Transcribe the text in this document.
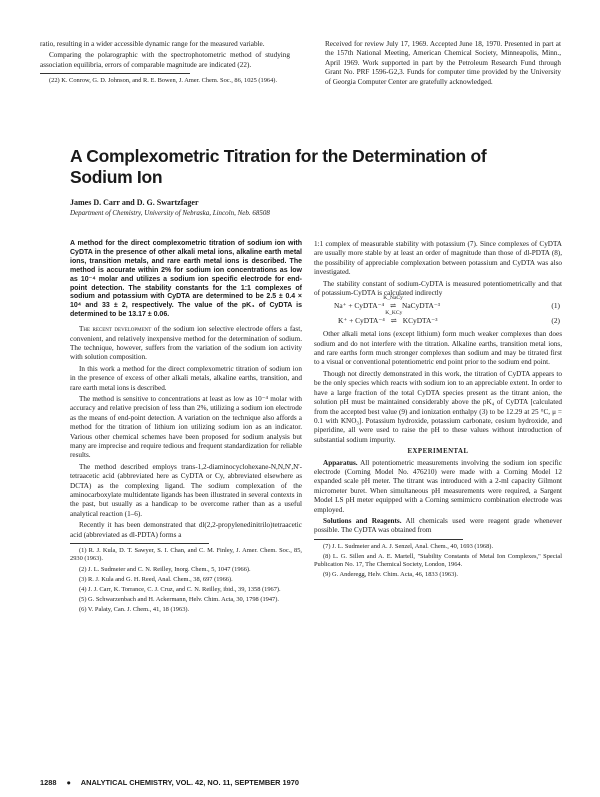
ratio, resulting in a wider accessible dynamic range for the measured variable.

Comparing the polarographic with the spectrophotometric method of studying association equilibria, errors of comparable magnitude are indicated (22).

(22) K. Conrow, G. D. Johnson, and R. E. Bowen, J. Amer. Chem. Soc., 86, 1025 (1964).

Received for review July 17, 1969. Accepted June 18, 1970. Presented in part at the 157th National Meeting, American Chemical Society, Minneapolis, Minn., April 1969. Work supported in part by the Petroleum Research Fund through Grant No. PRF 1596-G2,3. Funds for computer time provided by the University of Georgia Computer Center are gratefully acknowledged.

A Complexometric Titration for the Determination of Sodium Ion
James D. Carr and D. G. Swartzfager
Department of Chemistry, University of Nebraska, Lincoln, Neb. 68508

A method for the direct complexometric titration of sodium ion with CyDTA in the presence of other alkali metal ions, alkaline earth metal ions, transition metals, and rare earth metal ions is described. The method is accurate within 2% for sodium ion concentrations as low as 10⁻⁴ molar and utilizes a sodium ion specific electrode for end-point detection. The stability constants for the 1:1 complexes of sodium and potassium with CyDTA are determined to be 2.5 ± 0.4 × 10⁴ and 33 ± 2, respectively. The value of the pK₄ of CyDTA is determined to be 13.17 ± 0.06.

The recent development of the sodium ion selective electrode offers a fast, convenient, and relatively inexpensive method for the determination of sodium. The technique, however, suffers from the variation of the sodium ion activity with solution composition.

In this work a method for the direct complexometric titration of sodium ion in the presence of excess of other alkali metals, alkaline earths, transition, and rare earth metal ions is described.

The method is sensitive to concentrations at least as low as 10⁻⁴ molar with accuracy and relative precision of less than 2%, utilizing a sodium ion electrode as the means of end-point detection. A variation on the technique also affords a method for the titration of lithium ion utilizing sodium ion as an indicator. Various other chemical schemes have been proposed for sodium analysis but many are imprecise and require tedious and frequent standardization for reliable results.

The method described employs trans-1,2-diaminocyclohexane-N,N,N',N'-tetraacetic acid (abbreviated here as CyDTA or Cy, abbreviated elsewhere as DCTA) as the complexing ligand. The sodium complexation of the aminocarboxylate multidentate ligands has been illustrated in several contexts in the past, but usually as a handicap to be overcome rather than as a useful analytical reaction (1–6).

Recently it has been demonstrated that dl(2,2-propylenedinitrilo)tetraacetic acid (abbreviated as dl-PDTA) forms a

(1) R. J. Kula, D. T. Sawyer, S. I. Chan, and C. M. Finley, J. Amer. Chem. Soc., 85, 2930 (1963).

(2) J. L. Sudmeier and C. N. Reilley, Inorg. Chem., 5, 1047 (1966).

(3) R. J. Kula and G. H. Reed, Anal. Chem., 38, 697 (1966).

(4) J. J. Carr, K. Torrance, C. J. Cruz, and C. N. Reilley, ibid., 39, 1358 (1967).

(5) G. Schwarzenbach and H. Ackermann, Helv. Chim. Acta, 30, 1798 (1947).

(6) V. Palaty, Can. J. Chem., 41, 18 (1963).

1:1 complex of measurable stability with potassium (7). Since complexes of CyDTA are usually more stable by at least an order of magnitude than those of dl-PDTA (8), the possibility of appreciable complexation between potassium and CyDTA was also investigated.

The stability constant of sodium-CyDTA is measured potentiometrically and that of potassium-CyDTA is calculated indirectly

Na⁺ + CyDTA⁻⁴ ⇌
K_NaCy
NaCyDTA⁻³	(1)
K⁺ + CyDTA⁻⁴ ⇌
K_KCy
KCyDTA⁻³	(2)

Other alkali metal ions (except lithium) form much weaker complexes than does sodium and do not interfere with the titration. Alkaline earths, transition metal ions, and rare earths form much stronger complexes than sodium and may be titrated first to a visual or conventional potentiometric end point prior to the sodium end point.

Though not directly demonstrated in this work, the titration of CyDTA appears to be the only species which reacts with sodium ion to an appreciable extent. In order to have a large fraction of the total CyDTA species present as the titrant anion, the solution pH must be maintained considerably above the pK₄ of CyDTA [calculated from the accepted best value (9) and ionization enthalpy (3) to be 12.29 at 25 °C, μ = 0.1 with KNO₃]. Potassium hydroxide, potassium carbonate, cesium hydroxide, and piperidine, all were used to raise the pH to these values without introduction of substantial sodium impurity.

EXPERIMENTAL

Apparatus. All potentiometric measurements involving the sodium ion specific electrode (Corning Model No. 476210) were made with a Corning Model 12 expanded scale pH meter. The titrant was introduced with a 2-ml capacity Gilmont micrometer buret. When simultaneous pH measurements were required, a Sargent Model LS pH meter equipped with a Corning semimicro combination electrode was employed.

Solutions and Reagents. All chemicals used were reagent grade whenever possible. The CyDTA was obtained from

(7) J. L. Sudmeier and A. J. Senzel, Anal. Chem., 40, 1693 (1968).

(8) L. G. Sillen and A. E. Martell, "Stability Constants of Metal Ion Complexes," Special Publication No. 17, The Chemical Society, London, 1964.

(9) G. Anderegg, Helv. Chim. Acta, 46, 1833 (1963).

1288 ● ANALYTICAL CHEMISTRY, VOL. 42, NO. 11, SEPTEMBER 1970
